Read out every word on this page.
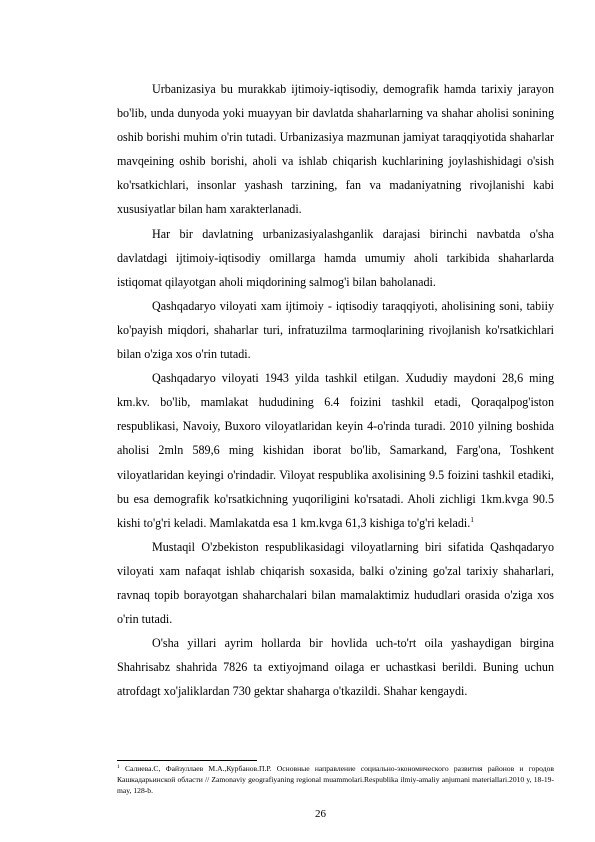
Urbanizasiya bu murakkab ijtimoiy-iqtisodiy, demografik hamda tarixiy jarayon bo'lib, unda dunyoda yoki muayyan bir davlatda shaharlarning va shahar aholisi sonining oshib borishi muhim o'rin tutadi. Urbanizasiya mazmunan jamiyat taraqqiyotida shaharlar mavqeining oshib borishi, aholi va ishlab chiqarish kuchlarining joylashishidagi o'sish ko'rsatkichlari, insonlar yashash tarzining, fan va madaniyatning rivojlanishi kabi xususiyatlar bilan ham xarakterlanadi.

Har bir davlatning urbanizasiyalashganlik darajasi birinchi navbatda o'sha davlatdagi ijtimoiy-iqtisodiy omillarga hamda umumiy aholi tarkibida shaharlarda istiqomat qilayotgan aholi miqdorining salmog'i bilan baholanadi.

Qashqadaryo viloyati xam ijtimoiy - iqtisodiy taraqqiyoti, aholisining soni, tabiiy ko'payish miqdori, shaharlar turi, infratuzilma tarmoqlarining rivojlanish ko'rsatkichlari bilan o'ziga xos o'rin tutadi.

Qashqadaryo viloyati 1943 yilda tashkil etilgan. Xududiy maydoni 28,6 ming km.kv. bo'lib, mamlakat hududining 6.4 foizini tashkil etadi, Qoraqalpog'iston respublikasi, Navoiy, Buxoro viloyatlaridan keyin 4-o'rinda turadi. 2010 yilning boshida aholisi 2mln 589,6 ming kishidan iborat bo'lib, Samarkand, Farg'ona, Toshkent viloyatlaridan keyingi o'rindadir. Viloyat respublika axolisining 9.5 foizini tashkil etadiki, bu esa demografik ko'rsatkichning yuqoriligini ko'rsatadi. Aholi zichligi 1km.kvga 90.5 kishi to'g'ri keladi. Mamlakatda esa 1 km.kvga 61,3 kishiga to'g'ri keladi.$^1$

Mustaqil O'zbekiston respublikasidagi viloyatlarning biri sifatida Qashqadaryo viloyati xam nafaqat ishlab chiqarish soxasida, balki o'zining go'zal tarixiy shaharlari, ravnaq topib borayotgan shaharchalari bilan mamalaktimiz hududlari orasida o'ziga xos o'rin tutadi.

O'sha yillari ayrim hollarda bir hovlida uch-to'rt oila yashaydigan birgina Shahrisabz shahrida 7826 ta extiyojmand oilaga er uchastkasi berildi. Buning uchun atrofdagt xo'jaliklardan 730 gektar shaharga o'tkazildi. Shahar kengaydi.

$^1$ Салиева.С, Файзуллаев М.А.,Курбанов.П.Р. Основные направление социально-экономического развития районов и городов Кашкадарьинской области // Zamonaviy geografiyaning regional muammolari.Respublika ilmiy-amaliy anjumani materiallari.2010 y, 18-19-may, 128-b.
26
